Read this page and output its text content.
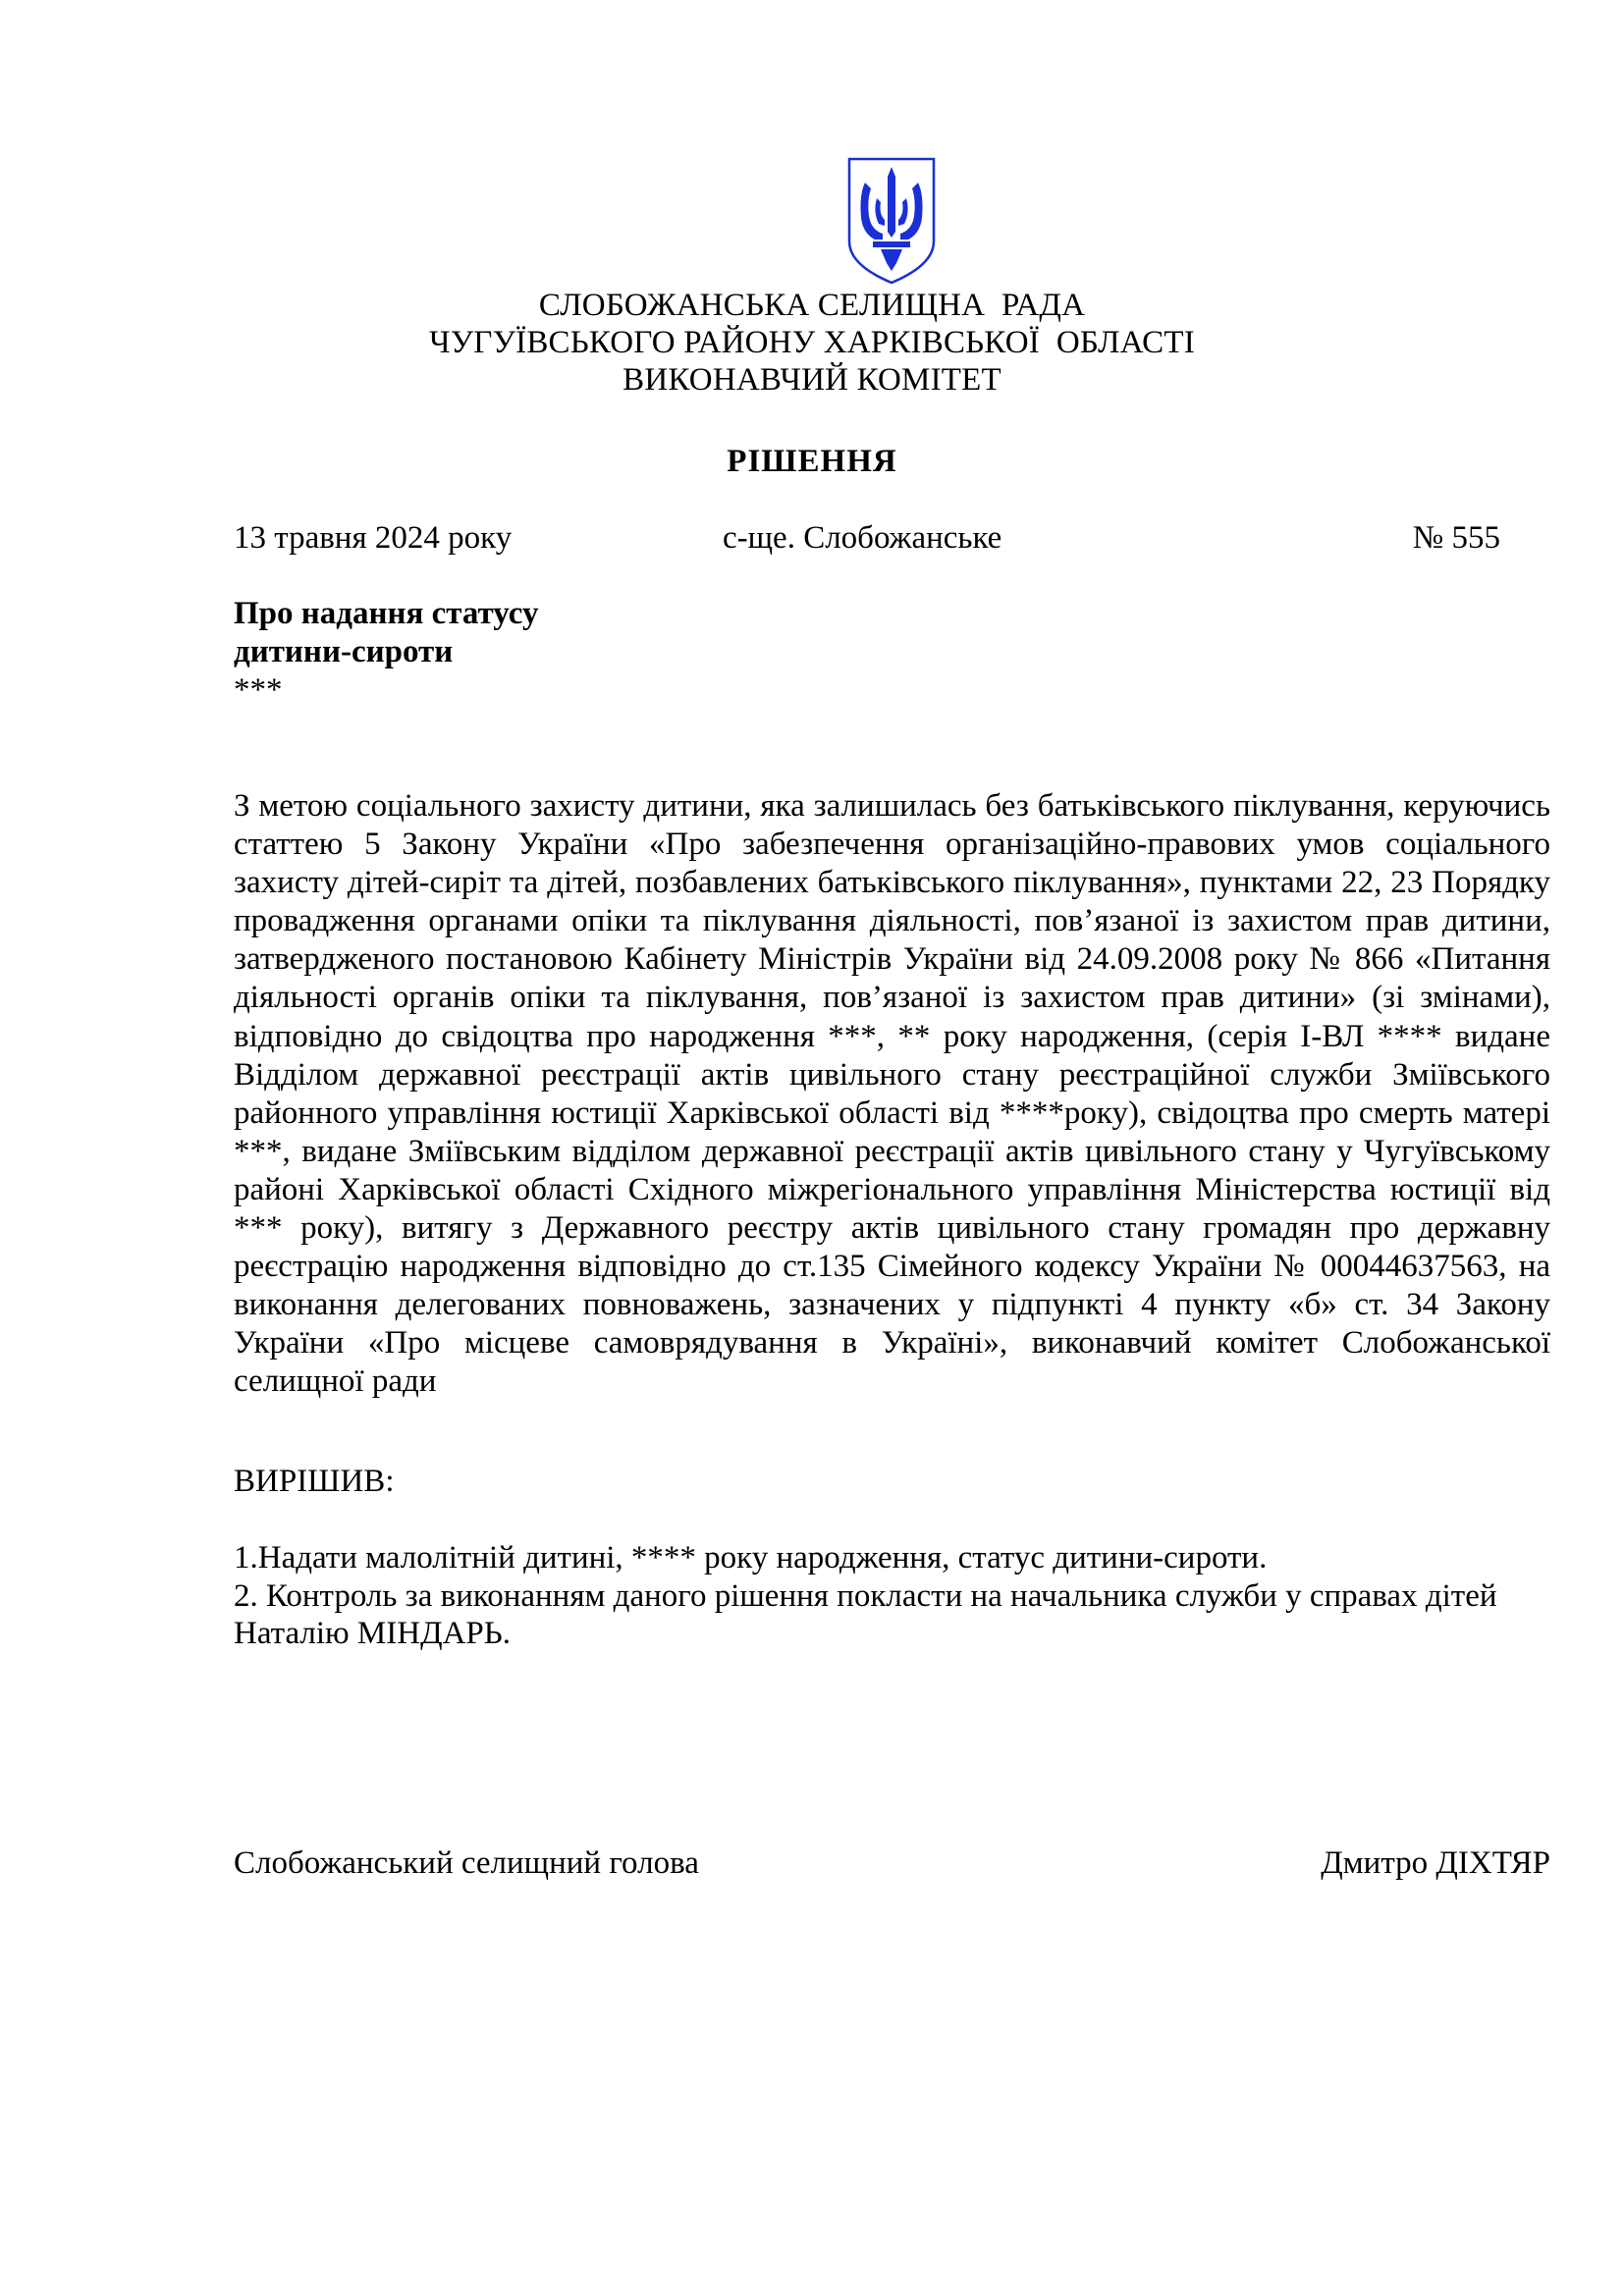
СЛОБОЖАНСЬКА СЕЛИЩНА  РАДА
ЧУГУЇВСЬКОГО РАЙОНУ ХАРКІВСЬКОЇ  ОБЛАСТІ
ВИКОНАВЧИЙ КОМІТЕТ
РІШЕННЯ
13 травня 2024 року	с-ще. Слобожанське	№ 555
Про надання статусу
дитини-сироти
***
З метою соціального захисту дитини, яка залишилась без батьківського піклування, керуючись статтею 5 Закону України «Про забезпечення організаційно-правових умов соціального захисту дітей-сиріт та дітей, позбавлених батьківського піклування», пунктами 22, 23 Порядку провадження органами опіки та піклування діяльності, пов’язаної із захистом прав дитини, затвердженого постановою Кабінету Міністрів України від 24.09.2008 року № 866 «Питання діяльності органів опіки та піклування, пов’язаної із захистом прав дитини» (зі змінами), відповідно до свідоцтва про народження ***, ** року народження, (серія І-ВЛ **** видане Відділом державної реєстрації актів цивільного стану реєстраційної служби Зміївського районного управління юстиції Харківської області від ****року), свідоцтва про смерть матері ***, видане Зміївським відділом державної реєстрації актів цивільного стану у Чугуївському районі Харківської області Східного міжрегіонального управління Міністерства юстиції від *** року), витягу з Державного реєстру актів цивільного стану громадян про державну реєстрацію народження відповідно до ст.135 Сімейного кодексу України № 00044637563, на виконання делегованих повноважень, зазначених у підпункті 4 пункту «б» ст. 34 Закону України «Про місцеве самоврядування в Україні», виконавчий комітет Слобожанської селищної ради
ВИРІШИВ:

1.Надати малолітній дитині, **** року народження, статус дитини-сироти.

2. Контроль за виконанням даного рішення покласти на начальника служби у справах дітей Наталію МІНДАРЬ.

Слобожанський селищний голова	Дмитро ДІХТЯР
